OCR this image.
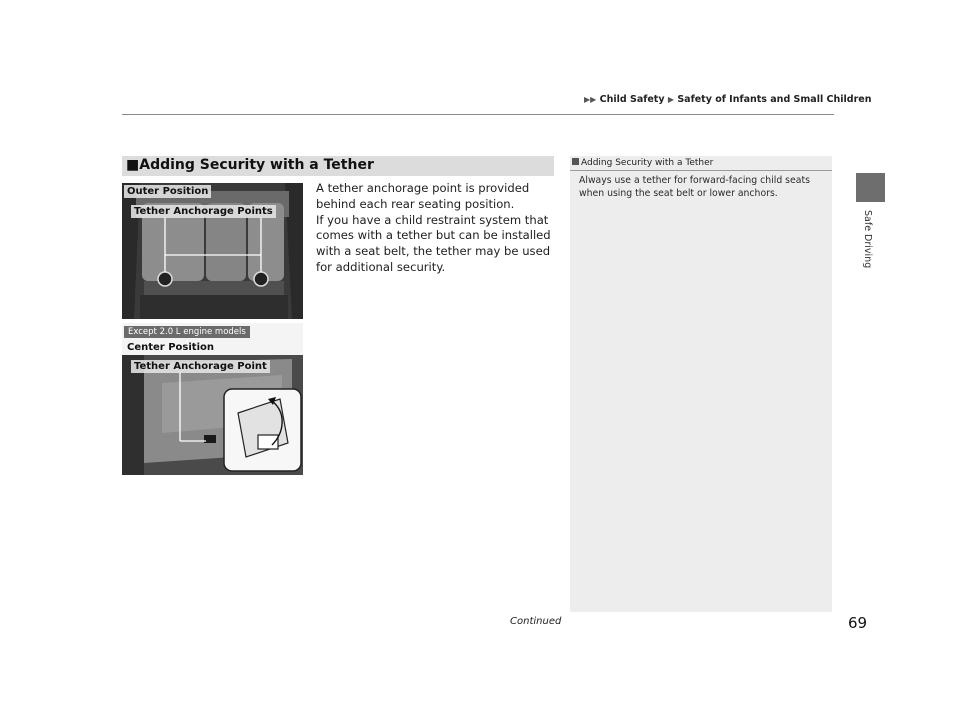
▶▶ Child Safety ▶ Safety of Infants and Small Children
Safe Driving
■Adding Security with a Tether
Outer Position
Tether Anchorage Points
Except 2.0 L engine models
Center Position
Tether Anchorage Point

A tether anchorage point is provided behind each rear seating position.

If you have a child restraint system that comes with a tether but can be installed with a seat belt, the tether may be used for additional security.

Adding Security with a Tether
Always use a tether for forward-facing child seats when using the seat belt or lower anchors.
Continued	69
